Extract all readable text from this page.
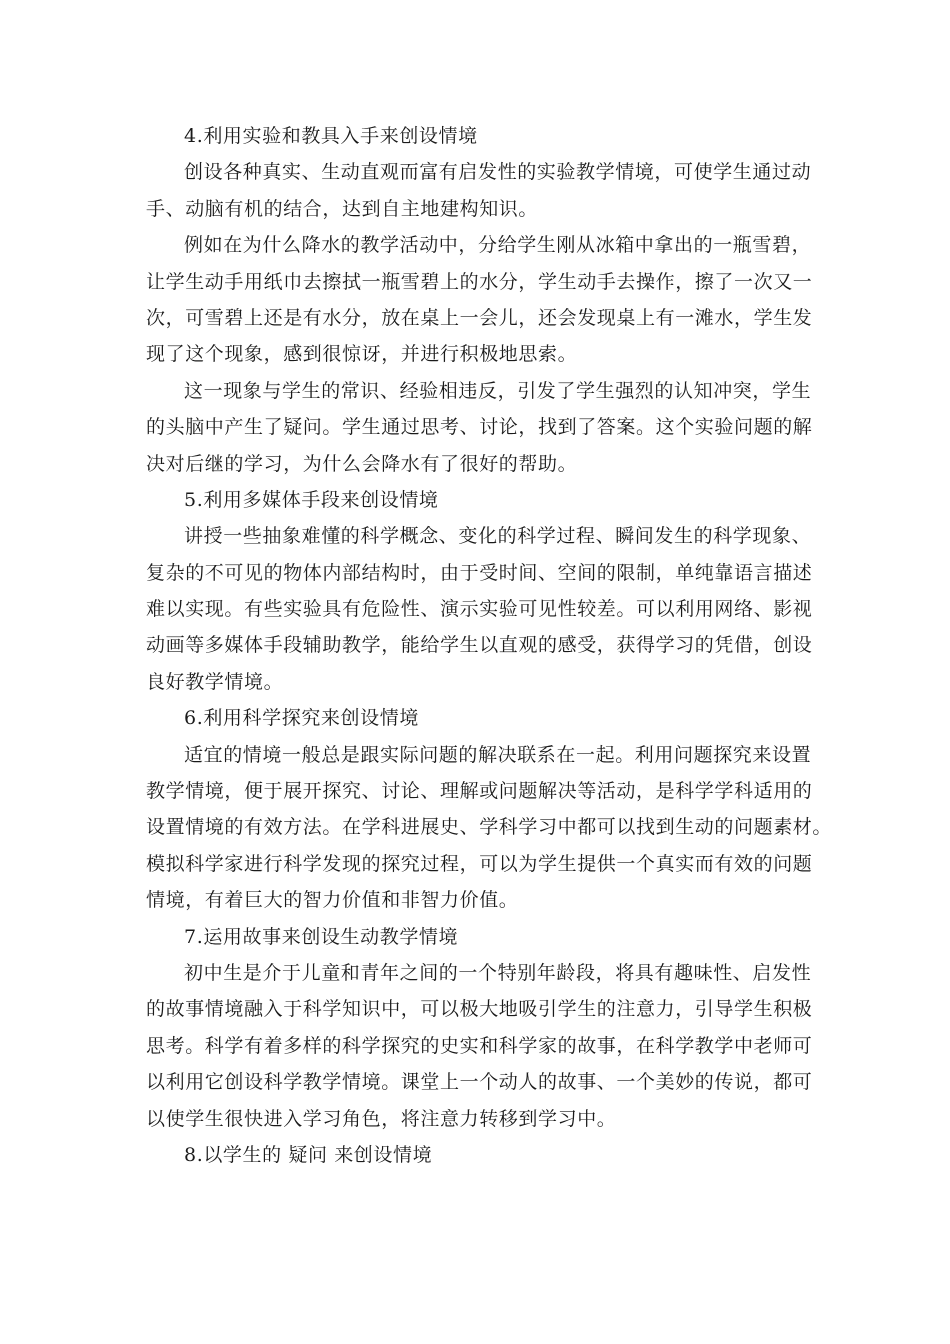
4.利用实验和教具入手来创设情境
创设各种真实、生动直观而富有启发性的实验教学情境，可使学生通过动
手、动脑有机的结合，达到自主地建构知识。
例如在为什么降水的教学活动中，分给学生刚从冰箱中拿出的一瓶雪碧，
让学生动手用纸巾去擦拭一瓶雪碧上的水分，学生动手去操作，擦了一次又一
次，可雪碧上还是有水分，放在桌上一会儿，还会发现桌上有一滩水，学生发
现了这个现象，感到很惊讶，并进行积极地思索。
这一现象与学生的常识、经验相违反，引发了学生强烈的认知冲突，学生
的头脑中产生了疑问。学生通过思考、讨论，找到了答案。这个实验问题的解
决对后继的学习，为什么会降水有了很好的帮助。
5.利用多媒体手段来创设情境
讲授一些抽象难懂的科学概念、变化的科学过程、瞬间发生的科学现象、
复杂的不可见的物体内部结构时，由于受时间、空间的限制，单纯靠语言描述
难以实现。有些实验具有危险性、演示实验可见性较差。可以利用网络、影视
动画等多媒体手段辅助教学，能给学生以直观的感受，获得学习的凭借，创设
良好教学情境。
6.利用科学探究来创设情境
适宜的情境一般总是跟实际问题的解决联系在一起。利用问题探究来设置
教学情境，便于展开探究、讨论、理解或问题解决等活动，是科学学科适用的
设置情境的有效方法。在学科进展史、学科学习中都可以找到生动的问题素材。
模拟科学家进行科学发现的探究过程，可以为学生提供一个真实而有效的问题
情境，有着巨大的智力价值和非智力价值。
7.运用故事来创设生动教学情境
初中生是介于儿童和青年之间的一个特别年龄段，将具有趣味性、启发性
的故事情境融入于科学知识中，可以极大地吸引学生的注意力，引导学生积极
思考。科学有着多样的科学探究的史实和科学家的故事，在科学教学中老师可
以利用它创设科学教学情境。课堂上一个动人的故事、一个美妙的传说，都可
以使学生很快进入学习角色，将注意力转移到学习中。
8.以学生的 疑问 来创设情境
